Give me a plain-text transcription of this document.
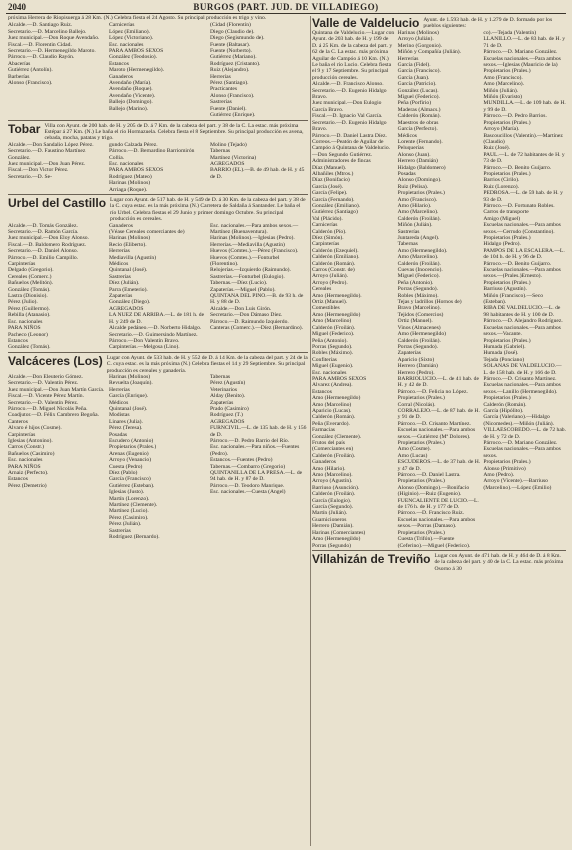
2040	BURGOS (PART. JUD. DE VILLADIEGO)
próxima Herrera de Riopisuerga á 28 Km. (N.) Celebra fiesta el 24 Agosto. Su principal producción es trigo y vino.
Alcalde.—D. Santiago Ruiz.
Secretario.—D. Marcelino Ballejo.
Juez municipal.—Don Roque Avendaño.
Fiscal.—D. Florentin Cidad.
Secretario.—D. Hermenegildo Maroto.
Párroco.—D. Claudio Rayón.
Abacerías
Gutiérrez (Antolín).
Barberías
Alonso (Francisco).
Carnicerías
López (Emiliano).
López (Victoriano).
Esc. nacionales
PARA AMBOS SEXOS
González (Teodosio).
Estancos
Maroto (Hermenegildo).
Ganaderos
Avendaño (María).
Avendaño (Roque).
Avendaño (Vicente).
Ballejo (Domingo).
Ballejo (Marino).
(Cidad (Florentín)
Diego (Claudio de).
Diego (Segismundo de).
Fuente (Baltasar).
Fuente (Norberto).
Gutiérrez (Mariano).
Rodríguez (Cristanto).
Ruiz (Alejandro).
Herrerías
Pérez (Santiago).
Practicantes
Alonso (Francisco).
Sastrerías
Fuente (Daniel).
Gutiérrez (Enrique).
Tobar Villa con Ayunt. de 200 hab. de H. y 205 de D. á 7 Km. de la cabeza del part. y 38 de la C. La estac. más próxima Estépar á 27 Km. (N.) Le baña el río Hormazuela. Celebra fiesta el 8 Septiembre. Su principal producción es avena, cebada, mocha, patatas y trigo.
Alcalde.—Don Sandalio López Pérez.
Secretario.—D. Faustino Martínez González.
Juez municipal.—Don Juan Pérez.
Fiscal.—Don Victor Pérez.
Secretario.—D. Se-
gundo Calzada Pérez.
Párroco.—D. Bernardino Barriomirón Collía.
Esc. nacionales
PARA AMBOS SEXOS
Rodríguez (Mateo)
Harinas (Molinos)
Arriaga (Roque).
Molino (Tejado)
Tabernas
Martínez (Victorina)
AGREGADOS
BARRIO (EL).—B. de 49 hab. de H. y 45 de D.
Urbel del Castillo Lugar con Ayunt. de 517 hab. de H. y 549 de D. á 30 Km. de la cabeza del part. y 38 de la C. cuya estac. es la más próxima (N.) Carretera de Saldaña á Santander. Le baña el río Urbel. Celebra fiestas el 29 Junio y primer domingo Octubre. Su principal producción es cereales.
Alcalde.—D. Tomás González.
Secretario.—D. Ramón García.
Juez municipal.—Don Eloy Alonso.
Fiscal.—D. Baldomero Rodríguez.
Secretario.—D. Daniel Alonso.
Párroco.—D. Emilio Campillo.
Carpinterías
Delgado (Gregorio).
Cereales (Comerc.)
Bañuelos (Melitón).
González (Tomás).
Lastra (Dionisio).
Pérez (Julio).
Pérez (Guillermo).
Rebilla (Atanasio).
Esc. nacionales
PARA NIÑOS
Pacheco (Leonor)
Estancos
González (Tomás).
Ganaderos
(Véase Cereales comerciantes de)
Harinas (Molinos)
Recio (Eliberto).
Herrerías
Mediavilla (Agustín)
Médicos
Quintanal (José).
Sastrerías
Díez (Julián).
Parra (Emeterio).
Zapaterías
González (Diego).
AGREGADOS
LA NUEZ DE ARRIBA.—L. de 181 h. de H. y 249 de D.
Alcalde pedáneo.—D. Norberto Hidalgo.
Secretario.—D. Guimersindo Martínez.
Párroco.—Don Valentín Bravo.
Carpinterías.—Melgosa (Lino).
Esc. nacionales.—Para ambos sexos.—Martínez (Buenaventura).
Harinas (Molinos).—Iglesias (Pedro).
Herrerías.—Mediavilla (Agustín)
Huevos (Comtes.).—Pérez (Francisco).
Huevos (Comtes.).—Fonturbel (Florentino).
Relojerías.—Izquierdo (Raimundo).
Sastrerías.—Fonturbel (Eulogio).
Tabernas.—Díez (Lucio).
Zapaterías.—Miguel (Pablo).
QUINTANA DEL PINO.—B. de 93 h. de H. y 88 de D.
Alcalde.—Don Luis Girón.
Secretario.—Don Dámaso Díez.
Párroco.—D. Raimundo Izquierdo.
Canteras (Comerc.).—Díez (Bernardino).
Valcáceres (Los) Lugar con Ayunt. de 533 hab. de H. y 552 de D. á 14 Km. de la cabeza del part. y 24 de la C. cuya estac. es la más próxima (N.) Celebra fiestas el 14 y 29 Septiembre. Su principal producción es cereales y ganadería.
Alcalde.—Don Eleuterio Gómez.
Secretario.—D. Valentín Pérez.
Juez municipal.—Don Juan Martín García.
Fiscal.—D. Vicente Pérez Martín.
Secretario.—D. Valentín Pérez.
Párroco.—D. Miguel Nicolás Peña.
Coadjutor.—D. Félix Cambrero Begoña.
Canteros
Alvaro é hijos (Cosme).
Carpinterías
Iglesias (Antonino).
Carros (Constr.)
Bañuelos (Casimiro)
Esc. nacionales
PARA NIÑOS
Arnaiz (Perfecto).
Estancos
Pérez (Demetrio)
Harinas (Molinos)
Revuelta (Joaquín).
Herrerías
García (Enrique).
Médicos
Quintanal (José).
Modistas
Linares (Julia).
Pérez (Teresa).
Posadas
Escudero (Antonio)
Propietarios (Prales.)
Arenas (Eugenio)
Arroyo (Venancio)
Cuesta (Pedro)
Díez (Pablo)
García (Francisco)
Gutiérrez (Esteban).
Iglesias (Justo).
Martín (Lorenzo).
Martínez (Clemente).
Martínez (Lucio).
Pérez (Casimiro).
Pérez (Julián).
Sastrerías
Rodríguez (Bernardo).
Tabernas
Pérez (Agustín)
Veterinarios
Alday (Benito).
Zapaterías
Prado (Casimiro)
Rodríguez (T.)
AGREGADOS
FURNCIVIL.—L. de 135 hab. de H. y 156 de D.
Párroco.—D. Pedro Barrio del Río.
Esc. nacionales.—Para niños.—Fuentes (Pedro).
Estancos.—Fuentes (Pedro)
Tabernas.—Combarro (Gregorio)
QUINTANILLA DE LA PRESA.—L. de 94 hab. de H. y 87 de D.
Párroco.—D. Teodoro Manrique.
Esc. nacionales.—Cuesta (Angel)
Valle de Valdelucio Ayunt. de 1.593 hab. de H. y 1.279 de D. formado por los pueblos siguientes:
Quintana de Valdelucio.—Lugar con Ayunt. de 203 hab. de H. y 199 de D. á 25 Km. de la cabeza del part. y 62 de la C. La estac. más próxima Aguilar de Campóo á 10 Km. (N.) Le baña el río Lucio. Celebra fiesta el 9 y 17 Septiembre. Su principal producción cereales.
Alcalde.—D. Francisco Alonso.
Secretario.—D. Eugenio Hidalgo Bravo.
Juez municipal.—Don Eulogio García Bravo.
Fiscal.—D. Ignacio Val García.
Secretario.—D. Eugenio Hidalgo Bravo.
Párroco.—D. Daniel Lastra Díez.
Correos.—Peatón de Aguilar de Campóo á Quintana de Valdelucio.—Don Segundo Gutiérrez.
Administradores de fincas
Díaz (Manuel).
Albañiles (Mtros.)
Díaz (Bonifacio)
García (José).
García (Felipe).
García (Fernando).
González (Emiliano).
Gutiérrez (Santiago)
Val (Plácido).
Carnicerías
Calderón (Pío).
Díez (Simón).
Carpinterías
Calderón (Ezequiel).
Calderón (Emiliano).
Calderón (Román).
Carros (Constr. de)
Arroyo (Julián).
Arroyo (Pedro).
Cereales
Amo (Hermenegildo).
Ortiz (Manuel).
Comestibles
Amo (Hermenegildo)
Amo (Marcelino)
Calderón (Froilán).
Miguel (Federico).
Peña (Antonio).
Porras (Segundo).
Robles (Máximo).
Confiterías
Miguel (Eugenio).
Esc. nacionales
PARA AMBOS SEXOS
Alvarez (Andrea).
Estancos
Amo (Hermenegildo)
Amo (Marcelino)
Aparicio (Lucas).
Calderón (Román).
Peña (Everardo).
Farmacias
González (Clemente).
Frutos del país
(Comerciantes en)
Calderón (Froilán).
Ganaderos
Amo (Hilario).
Amo (Marcelino).
Arroyo (Agustín).
Barriuso (Asunción).
Calderón (Froilán).
García (Eulogio).
García (Segundo).
Martín (Julián).
Guarnicioneros
Herrero (Damián).
Harinas (Comerciantes)
Amo (Hermenegildo)
Porras (Segundo)
Harinas (Molinos)
Arroyo (Julián).
Merino (Gorgonio).
Miñón y Compañía (Julián).
Herrerías
García (Fidel).
García (Francisco).
García (Juan).
García (Patricio).
González (Lucas).
Miguel (Federico).
Peña (Porfirio)
Maderas (Almacs.)
Calderón (Román).
Maestros de obras
García (Perfecto).
Médicos
Lorente (Fernando).
Peluquerías
Alonso (Juan).
Herrero (Damián)
Hidalgo (Baldomero)
Posadas
Alonso (Domingo).
Ruiz (Pelisa).
Propietarios (Prales.)
Amo (Francisco).
Amo (Hilario).
Amo (Marcelino).
Calderón (Froilán).
Miñón (Julián).
Sastrerías
Juntareda (Angel).
Tabernas
Amo (Hermenegildo).
Amo (Marcelino).
Calderón (Froilán).
Cuevas (Inocencio).
Miguel (Federico).
Peña (Antonio).
Porras (Segundo).
Robles (Máximo).
Tejas y ladrillos (Hornos de)
Bravo (Marcelino).
Tejidos (Comercios)
Ortiz (Manuel).
Vinos (Almacenes)
Amo (Hermenegildo)
Calderón (Froilán).
Porras (Segundo).
Zapaterías
Aparicio (Sixto)
Herrero (Damián)
Herrero (Pedro).
BARRIOLUCIO.—L. de 41 hab. de H. y 42 de D.
Párroco.—D. Felicia no López.
Propietarios (Prales.)
Corral (Nicolás).
CORRALEJO.—L. de 87 hab. de H. y 91 de D.
Párroco.—D. Crisanto Martínez.
Escuelas nacionales.—Para ambos sexos.—Gutiérrez (Mª Dolores).
Propietarios (Prales.)
Amo (Cosme).
Amo (Lucas)
ESCUDEROS.—L. de 37 hab. de H. y 47 de D.
Párroco.—D. Daniel Lastra.
Propietarios (Prales.)
Alonso (Domingo).—Bonifacio (Higinio).—Ruiz (Eugenio).
FUENCALIENTE DE LUCIO.—L. de 176 h. de H. y 177 de D.
Párroco.—D. Francisco Ruiz.
Escuelas nacionales.—Para ambos sexos.—Porras (Damaso).
Propietarios (Prales.)
Cuesta (Trifón).—Fuente (Ceferino).—Miguel (Federico).
co).—Tejada (Valentín)
LLANILLO.—L. de 83 hab. de H. y 71 de D.
Párroco.—D. Mariano González.
Escuelas nacionales.—Para ambos sexos.—Iglesias (Mauricio de la)
Propietarios (Prales.)
Amo (Francisco).
Amo (Marcelino).
Miñón (Julián).
Miñón (Evaristo)
MUNDILLA.—L. de 109 hab. de H. y 99 de D.
Párroco.—D. Pedro Barrios.
Propietarios (Prales.)
Arroyo (María).
Bascoucillos (Valentín).—Martínez (Claudio)
Ruiz (José).
PAUL.—L. de 72 habitantes de H. y 73 de D.
Párroco.—D. Benito Guijarro.
Propietarios (Prales.)
Barrios (Cirilo).
Ruiz (Lorenzo).
PEDROSA.—L. de 59 hab. de H. y 93 de D.
Párroco.—D. Fortunato Robles.
Carros de transporte
Amigo (Miguel)
Escuelas nacionales.—Para ambos sexos.—Cerrudo (Constantino).
Propietarios (Prales.)
Hidalgo (Pedro).
PAMPOS DE LA ESCALERA.—L. de 104 h. de H. y 96 de D.
Párroco.—D. Benito Guijarro.
Escuelas nacionales.—Para ambos sexos.—(Prales.)Ernesto).
Propietarios (Prales.)
Barriuso (Agustín).
Miñón (Francisco).—Seco (Esteban).
RIBA DE VALDELUCIO.—L. de 98 habitantes de H. y 100 de D.
Párroco.—D. Alejandro Rodríguez.
Escuelas nacionales.—Para ambos sexos.—Vacante.
Propietarios (Prales.)
Humada (Gabriel).
Humada (José).
Tejada (Ponciano)
SOLANAS DE VALDELUCIO.—L. de 158 hab. de H. y 166 de D.
Párroco.—D. Crisanto Martínez.
Escuelas nacionales.—Para ambos sexos.—Lanillo (Hermenegildo).
Propietarios (Prales.)
Calderón (Román).
García (Hipólito).
García (Valeriano).—Hidalgo (Nicomedes).—Miñón (Julián).
VILLAESCOBEDO.—L. de 72 hab. de H. y 72 de D.
Párroco.—D. Mariano González.
Escuelas nacionales.—Para ambos sexos.
Propietarios (Prales.)
Alonso (Primitivo)
Amo (Pedro).
Arroyo (Vicente).—Barriuso (Marcelino).—López (Emilio)
Villahizán de Treviño Lugar con Ayunt. de 471 hab. de H. y 464 de D. á 8 Km. de la cabeza del part. y 40 de la C. La estac. más próxima Osorno á 30
